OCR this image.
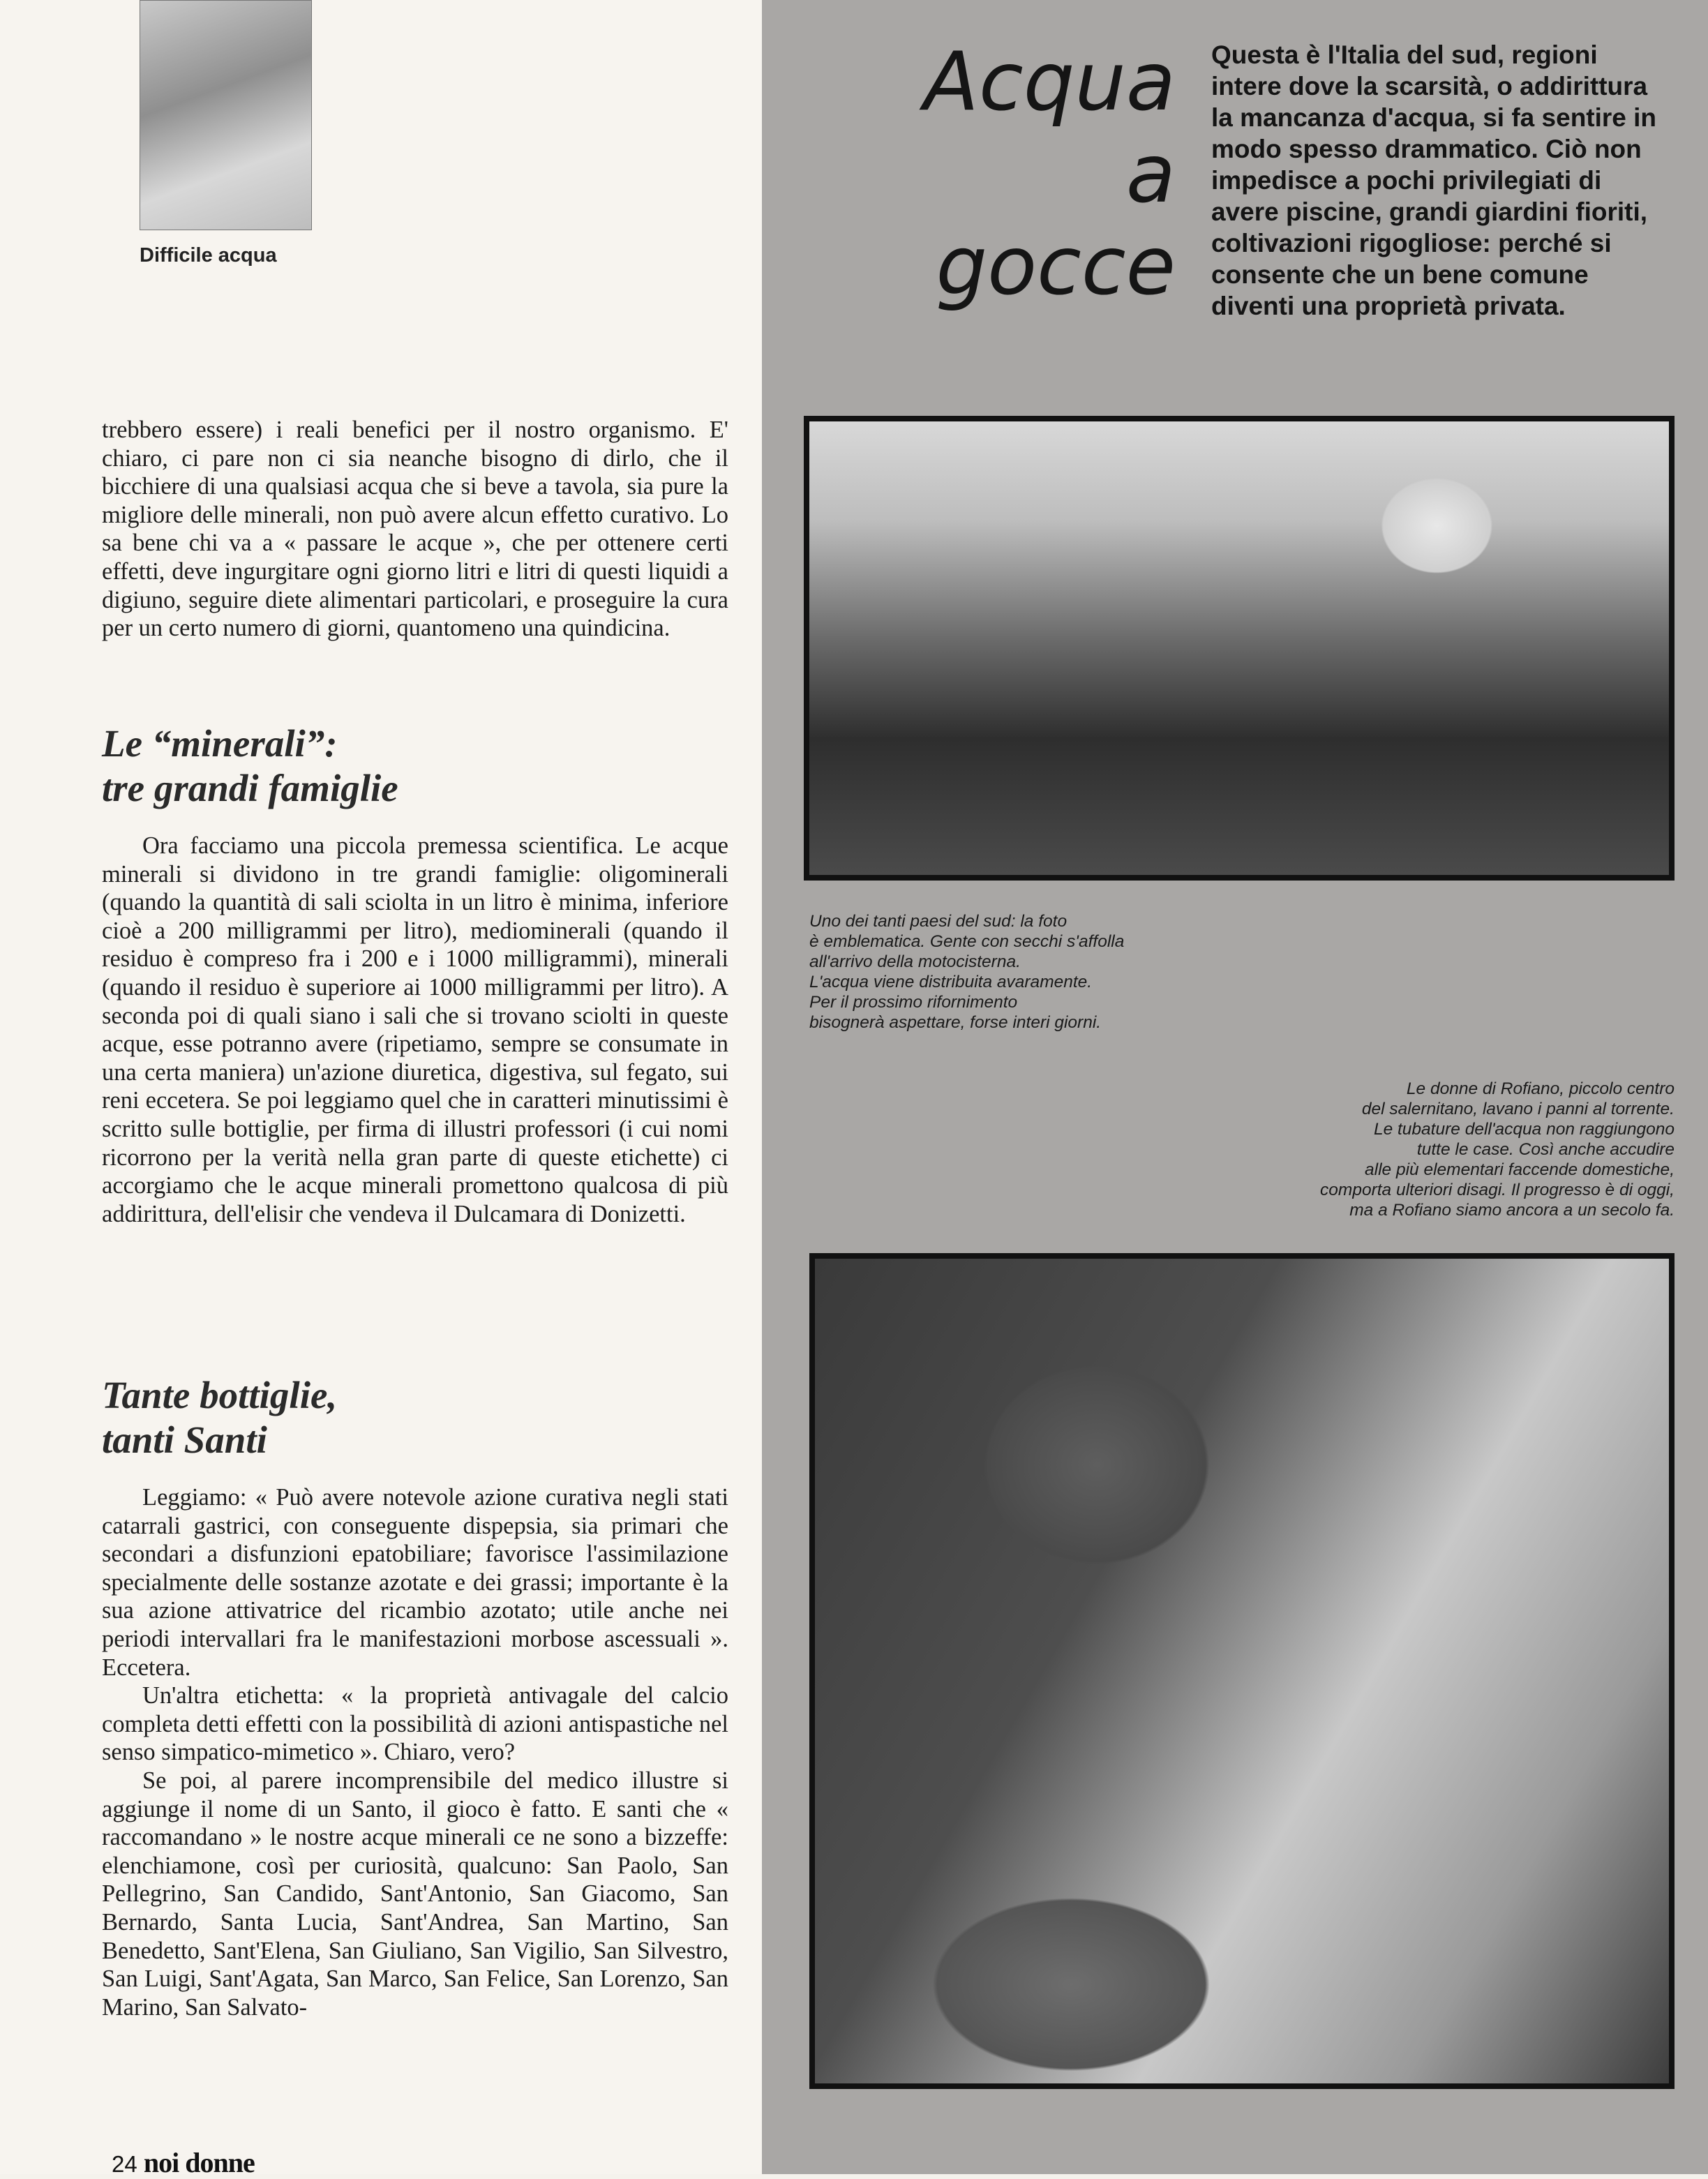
Difficile acqua

trebbero essere) i reali benefici per il nostro organismo. E' chiaro, ci pare non ci sia neanche bisogno di dirlo, che il bicchiere di una qualsiasi acqua che si beve a tavola, sia pure la migliore delle minerali, non può avere alcun effetto curativo. Lo sa bene chi va a « passare le acque », che per ottenere certi effetti, deve ingurgitare ogni giorno litri e litri di questi liquidi a digiuno, seguire diete alimentari particolari, e proseguire la cura per un certo numero di giorni, quantomeno una quindicina.

Le “minerali”:
tre grandi famiglie

Ora facciamo una piccola premessa scientifica. Le acque minerali si dividono in tre grandi famiglie: oligominerali (quando la quantità di sali sciolta in un litro è minima, inferiore cioè a 200 milligrammi per litro), mediominerali (quando il residuo è compreso fra i 200 e i 1000 milligrammi), minerali (quando il residuo è superiore ai 1000 milligrammi per litro). A seconda poi di quali siano i sali che si trovano sciolti in queste acque, esse potranno avere (ripetiamo, sempre se consumate in una certa maniera) un'azione diuretica, digestiva, sul fegato, sui reni eccetera. Se poi leggiamo quel che in caratteri minutissimi è scritto sulle bottiglie, per firma di illustri professori (i cui nomi ricorrono per la verità nella gran parte di queste etichette) ci accorgiamo che le acque minerali promettono qualcosa di più addirittura, dell'elisir che vendeva il Dulcamara di Donizetti.

Tante bottiglie,
tanti Santi

Leggiamo: « Può avere notevole azione curativa negli stati catarrali gastrici, con conseguente dispepsia, sia primari che secondari a disfunzioni epatobiliare; favorisce l'assimilazione specialmente delle sostanze azotate e dei grassi; importante è la sua azione attivatrice del ricambio azotato; utile anche nei periodi intervallari fra le manifestazioni morbose ascessuali ». Eccetera.

Un'altra etichetta: « la proprietà antivagale del calcio completa detti effetti con la possibilità di azioni antispastiche nel senso simpatico-mimetico ». Chiaro, vero?

Se poi, al parere incomprensibile del medico illustre si aggiunge il nome di un Santo, il gioco è fatto. E santi che « raccomandano » le nostre acque minerali ce ne sono a bizzeffe: elenchiamone, così per curiosità, qualcuno: San Paolo, San Pellegrino, San Candido, Sant'Antonio, San Giacomo, San Bernardo, Santa Lucia, Sant'Andrea, San Martino, San Benedetto, Sant'Elena, San Giuliano, San Vigilio, San Silvestro, San Luigi, Sant'Agata, San Marco, San Felice, San Lorenzo, San Marino, San Salvato-

24 noi donne
Acqua
a
gocce
Questa è l'Italia del sud, regioni intere dove la scarsità, o addirittura la mancanza d'acqua, si fa sentire in modo spesso drammatico. Ciò non impedisce a pochi privilegiati di avere piscine, grandi giardini fioriti, coltivazioni rigogliose: perché si consente che un bene comune diventi una proprietà privata.
Uno dei tanti paesi del sud: la foto
è emblematica. Gente con secchi s'affolla
all'arrivo della motocisterna.
L'acqua viene distribuita avaramente.
Per il prossimo rifornimento
bisognerà aspettare, forse interi giorni.
Le donne di Rofiano, piccolo centro
del salernitano, lavano i panni al torrente.
Le tubature dell'acqua non raggiungono
tutte le case. Così anche accudire
alle più elementari faccende domestiche,
comporta ulteriori disagi. Il progresso è di oggi,
ma a Rofiano siamo ancora a un secolo fa.
